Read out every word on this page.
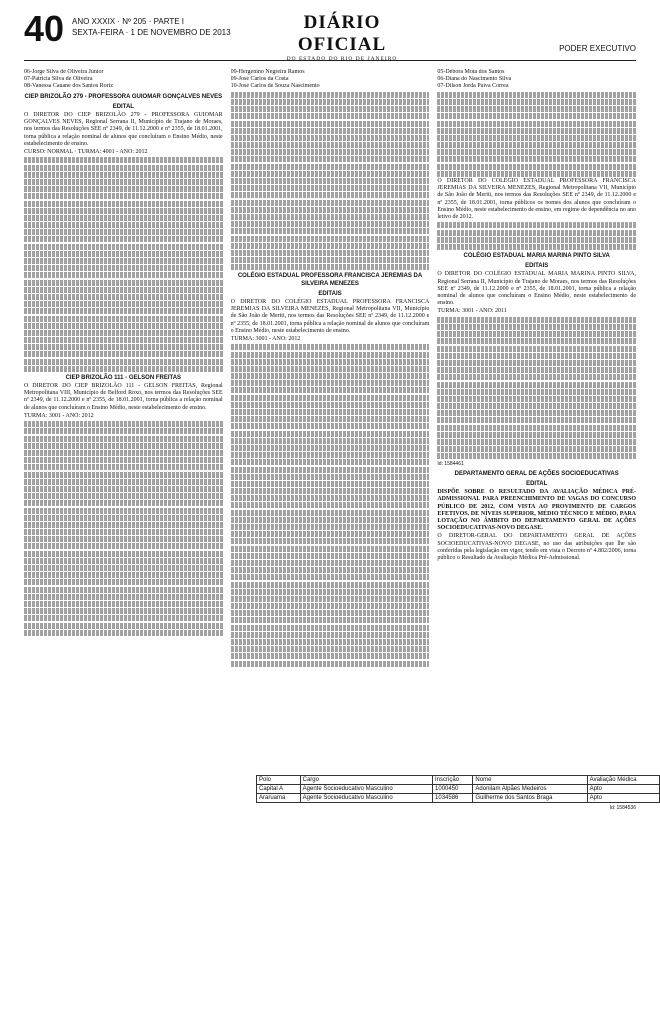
40 ANO XXXIX · Nº 205 · PARTE I
SEXTA-FEIRA · 1 DE NOVEMBRO DE 2013	DIÁRIO OFICIAL
DO ESTADO DO RIO DE JANEIRO
PODER EXECUTIVO
06-Jorge Silva de Oliveira Júnior
07-Patricia Silva de Oliveira
08-Vanessa Cauane dos Santos Roriz
CIEP BRIZOLÃO 279 - PROFESSORA GUIOMAR GONÇALVES NEVES
EDITAL
O DIRETOR DO CIEP BRIZOLÃO 279 - PROFESSORA GUIOMAR GONÇALVES NEVES, Regional Serrana II, Município de Trajano de Moraes, nos termos das Resoluções SEE nº 2349, de 11.12.2000 e nº 2355, de 18.01.2001, torna pública a relação nominal de alunos que concluíram o Ensino Médio, neste estabelecimento de ensino.
CURSO: NORMAL · TURMA: 4001 - ANO: 2012
CIEP BRIZOLÃO 111 - GELSON FREITAS
O DIRETOR DO CIEP BRIZOLÃO 111 - GELSON FREITAS, Regional Metropolitana VIII, Município de Belford Roxo, nos termos das Resoluções SEE nº 2349, de 11.12.2000 e nº 2355, de 18.01.2001, torna pública a relação nominal de alunos que concluíram o Ensino Médio, neste estabelecimento de ensino.
TURMA: 3001 - ANO: 2012
09-Hergenino Negreira Ramos
09-José Carlos da Costa
10-José Carlos de Souza Nascimento
COLÉGIO ESTADUAL PROFESSORA FRANCISCA JEREMIAS DA SILVEIRA MENEZES
EDITAIS
O DIRETOR DO COLÉGIO ESTADUAL PROFESSORA FRANCISCA JEREMIAS DA SILVEIRA MENEZES, Regional Metropolitana VII, Município de São João de Meriti, nos termos das Resoluções SEE nº 2349, de 11.12.2000 e nº 2355, de 18.01.2001, torna pública a relação nominal de alunos que concluíram o Ensino Médio, neste estabelecimento de ensino.
TURMA: 3001 - ANO: 2012
05-Débora Mota dos Santos
06-Diana do Nascimento Silva
07-Dilson Jorda Paiva Correa
O DIRETOR DO COLÉGIO ESTADUAL PROFESSORA FRANCISCA JEREMIAS DA SILVEIRA MENEZES, Regional Metropolitana VII, Município de São João de Meriti, nos termos das Resoluções SEE nº 2349, de 11.12.2000 e nº 2355, de 18.01.2001, torna públicos os nomes dos alunos que concluíram o Ensino Médio, neste estabelecimento de ensino, em regime de dependência no ano letivo de 2012.
COLÉGIO ESTADUAL MARIA MARINA PINTO SILVA
EDITAIS
O DIRETOR DO COLÉGIO ESTADUAL MARIA MARINA PINTO SILVA, Regional Serrana II, Município de Trajano de Moraes, nos termos das Resoluções SEE nº 2349, de 11.12.2000 e nº 2355, de 18.01.2001, torna pública a relação nominal de alunos que concluíram o Ensino Médio, neste estabelecimento de ensino.
TURMA: 3001 - ANO: 2011
Id: 1584461
DEPARTAMENTO GERAL DE AÇÕES SOCIOEDUCATIVAS
EDITAL
DISPÕE SOBRE O RESULTADO DA AVALIAÇÃO MÉDICA PRÉ-ADMISSIONAL PARA PREENCHIMENTO DE VAGAS DO CONCURSO PÚBLICO DE 2012, COM VISTA AO PROVIMENTO DE CARGOS EFETIVOS, DE NÍVEIS SUPERIOR, MÉDIO TÉCNICO E MÉDIO, PARA LOTAÇÃO NO ÂMBITO DO DEPARTAMENTO GERAL DE AÇÕES SOCIOEDUCATIVAS-NOVO DEGASE.
O DIRETOR-GERAL DO DEPARTAMENTO GERAL DE AÇÕES SOCIOEDUCATIVAS-NOVO DEGASE, no uso das atribuições que lhe são conferidas pela legislação em vigor, tendo em vista o Decreto nº 4.802/2006, torna público o Resultado da Avaliação Médica Pré-Admissional.
Polo	Cargo	Inscrição	Nome	Avaliação Médica
Capital A	Agente Socioeducativo Masculino	1000450	Adonilam Alpães Medeiros	Apto
Araruama	Agente Socioeducativo Masculino	1034586	Guilherme dos Santos Braga	Apto
Id: 1584536
